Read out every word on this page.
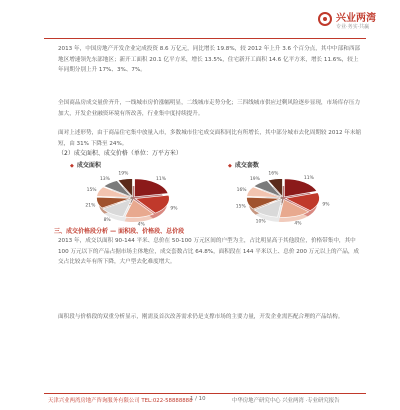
兴业两湾
专业·务实·共赢
2013 年，中国房地产开发企业完成投资 8.6 万亿元，同比增长 19.8%，较 2012 年上升 3.6 个百分点，其中中部和西部地区增速领先东部地区；新开工面积 20.1 亿平方米，增长 13.5%，住宅新开工面积 14.6 亿平方米，增长 11.6%，较上年同期分别上升 17%、3%、7%。
全国商品房成交量价齐升，一线城市房价涨幅明显，二线城市走势分化；三四线城市供应过剩风险逐步显现，市场库存压力加大，开发企业融资环境有所改善，行业集中度持续提升。
面对上述形势，由于商品住宅集中放量入市，多数城市住宅成交面积同比有所增长，其中部分城市去化周期较 2012 年末缩短，由 31% 下降至 24%。
（2）成交面积、成交价格（单位：万平方米）
◆ 成交面积
◆	成交套数
11%
9%
4%
8%
21%
15%
13%
19%
11%
9%
4%
10%
15%
16%
19%
16%
三、成交价格段分析 — 面积段、价格段、总价段
2013 年，成交以面积 90-144 平米、总价在 50-100 万元区间的户型为主，占比明显高于其他段位，价格带集中，其中 100 万元以下的产品占据市场主体地位，成交套数占比 64.8%，面积段在 144 平米以上、总价 200 万元以上的产品，成交占比较去年有所下降，大户型去化难度增大。
面积段与价格段的双重分析显示，刚需及首次改善需求仍是支撑市场的主要力量，开发企业需匹配合理的产品结构。
天津兴业两湾房地产咨询服务有限公司 TEL:022-58888888
1 / 10	中华房地产研究中心 兴业两湾 ·专业研究报告
